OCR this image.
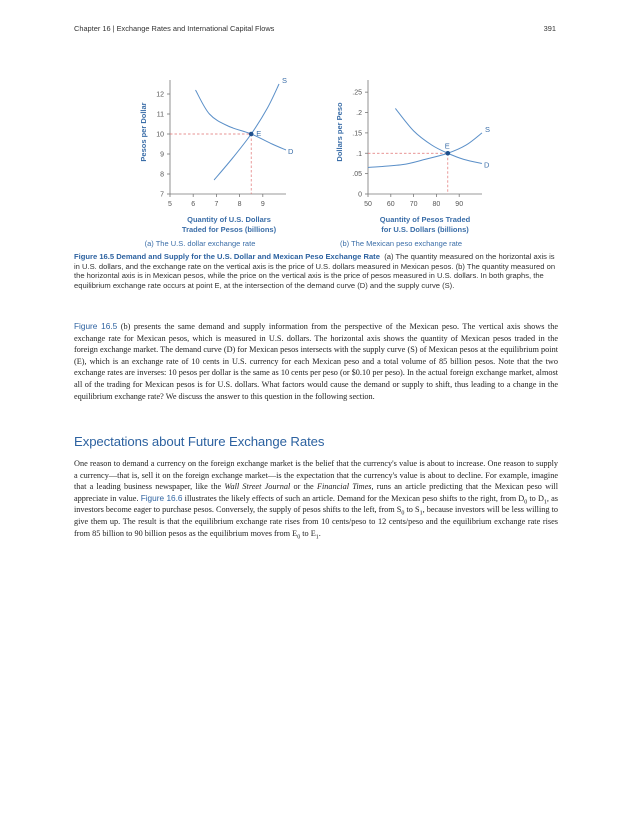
Chapter 16 | Exchange Rates and International Capital Flows	391
Pesos per Dollar
7
8
9
10
11
12
5	6	7	8	9
S
D
E
Quantity of U.S. Dollars
Traded for Pesos (billions)
(a) The U.S. dollar exchange rate
Dollars per Peso
0
.05
.1
.15
.2
.25
50 60 70 80 90
S
D
E
Quantity of Pesos Traded
for U.S. Dollars (billions)
(b) The Mexican peso exchange rate
Figure 16.5 Demand and Supply for the U.S. Dollar and Mexican Peso Exchange Rate (a) The quantity measured on the horizontal axis is in U.S. dollars, and the exchange rate on the vertical axis is the price of U.S. dollars measured in Mexican pesos. (b) The quantity measured on the horizontal axis is in Mexican pesos, while the price on the vertical axis is the price of pesos measured in U.S. dollars. In both graphs, the equilibrium exchange rate occurs at point E, at the intersection of the demand curve (D) and the supply curve (S).

Figure 16.5 (b) presents the same demand and supply information from the perspective of the Mexican peso. The vertical axis shows the exchange rate for Mexican pesos, which is measured in U.S. dollars. The horizontal axis shows the quantity of Mexican pesos traded in the foreign exchange market. The demand curve (D) for Mexican pesos intersects with the supply curve (S) of Mexican pesos at the equilibrium point (E), which is an exchange rate of 10 cents in U.S. currency for each Mexican peso and a total volume of 85 billion pesos. Note that the two exchange rates are inverses: 10 pesos per dollar is the same as 10 cents per peso (or $0.10 per peso). In the actual foreign exchange market, almost all of the trading for Mexican pesos is for U.S. dollars. What factors would cause the demand or supply to shift, thus leading to a change in the equilibrium exchange rate? We discuss the answer to this question in the following section.

Expectations about Future Exchange Rates

One reason to demand a currency on the foreign exchange market is the belief that the currency's value is about to increase. One reason to supply a currency—that is, sell it on the foreign exchange market—is the expectation that the currency's value is about to decline. For example, imagine that a leading business newspaper, like the Wall Street Journal or the Financial Times, runs an article predicting that the Mexican peso will appreciate in value. Figure 16.6 illustrates the likely effects of such an article. Demand for the Mexican peso shifts to the right, from $D_0$ to $D_1$, as investors become eager to purchase pesos. Conversely, the supply of pesos shifts to the left, from $S_0$ to $S_1$, because investors will be less willing to give them up. The result is that the equilibrium exchange rate rises from 10 cents/peso to 12 cents/peso and the equilibrium exchange rate rises from 85 billion to 90 billion pesos as the equilibrium moves from $E_0$ to $E_1$.
